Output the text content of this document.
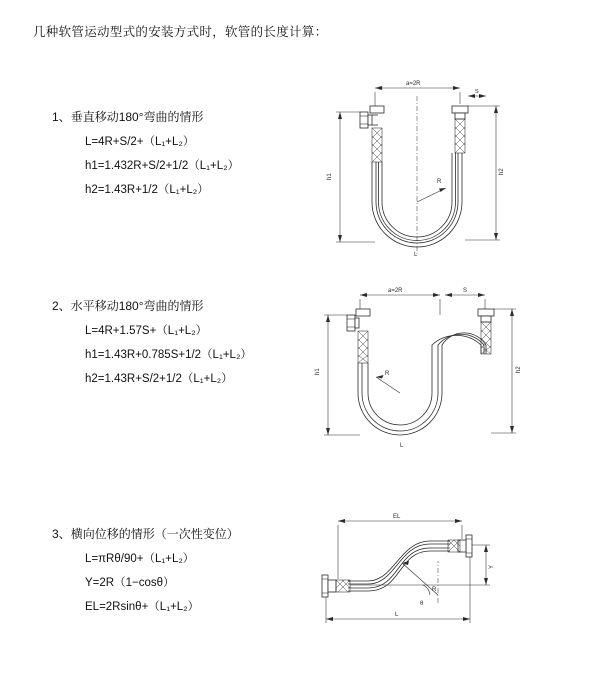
几种软管运动型式的安装方式时，软管的长度计算：
1、垂直移动180°弯曲的情形
L=4R+S/2+（L₁+L₂）
h1=1.432R+S/2+1/2（L₁+L₂）
h2=1.43R+1/2（L₁+L₂）
a=2R
R
h1
h2
L
S
2、水平移动180°弯曲的情形
L=4R+1.57S+（L₁+L₂）
h1=1.43R+0.785S+1/2（L₁+L₂）
h2=1.43R+S/2+1/2（L₁+L₂）
a=2R	S
R
h1	h2
L
3、横向位移的情形（一次性变位）
L=πRθ/90+（L₁+L₂）
Y=2R（1−cosθ）
EL=2Rsinθ+（L₁+L₂）
EL
Y
R
θ
L
